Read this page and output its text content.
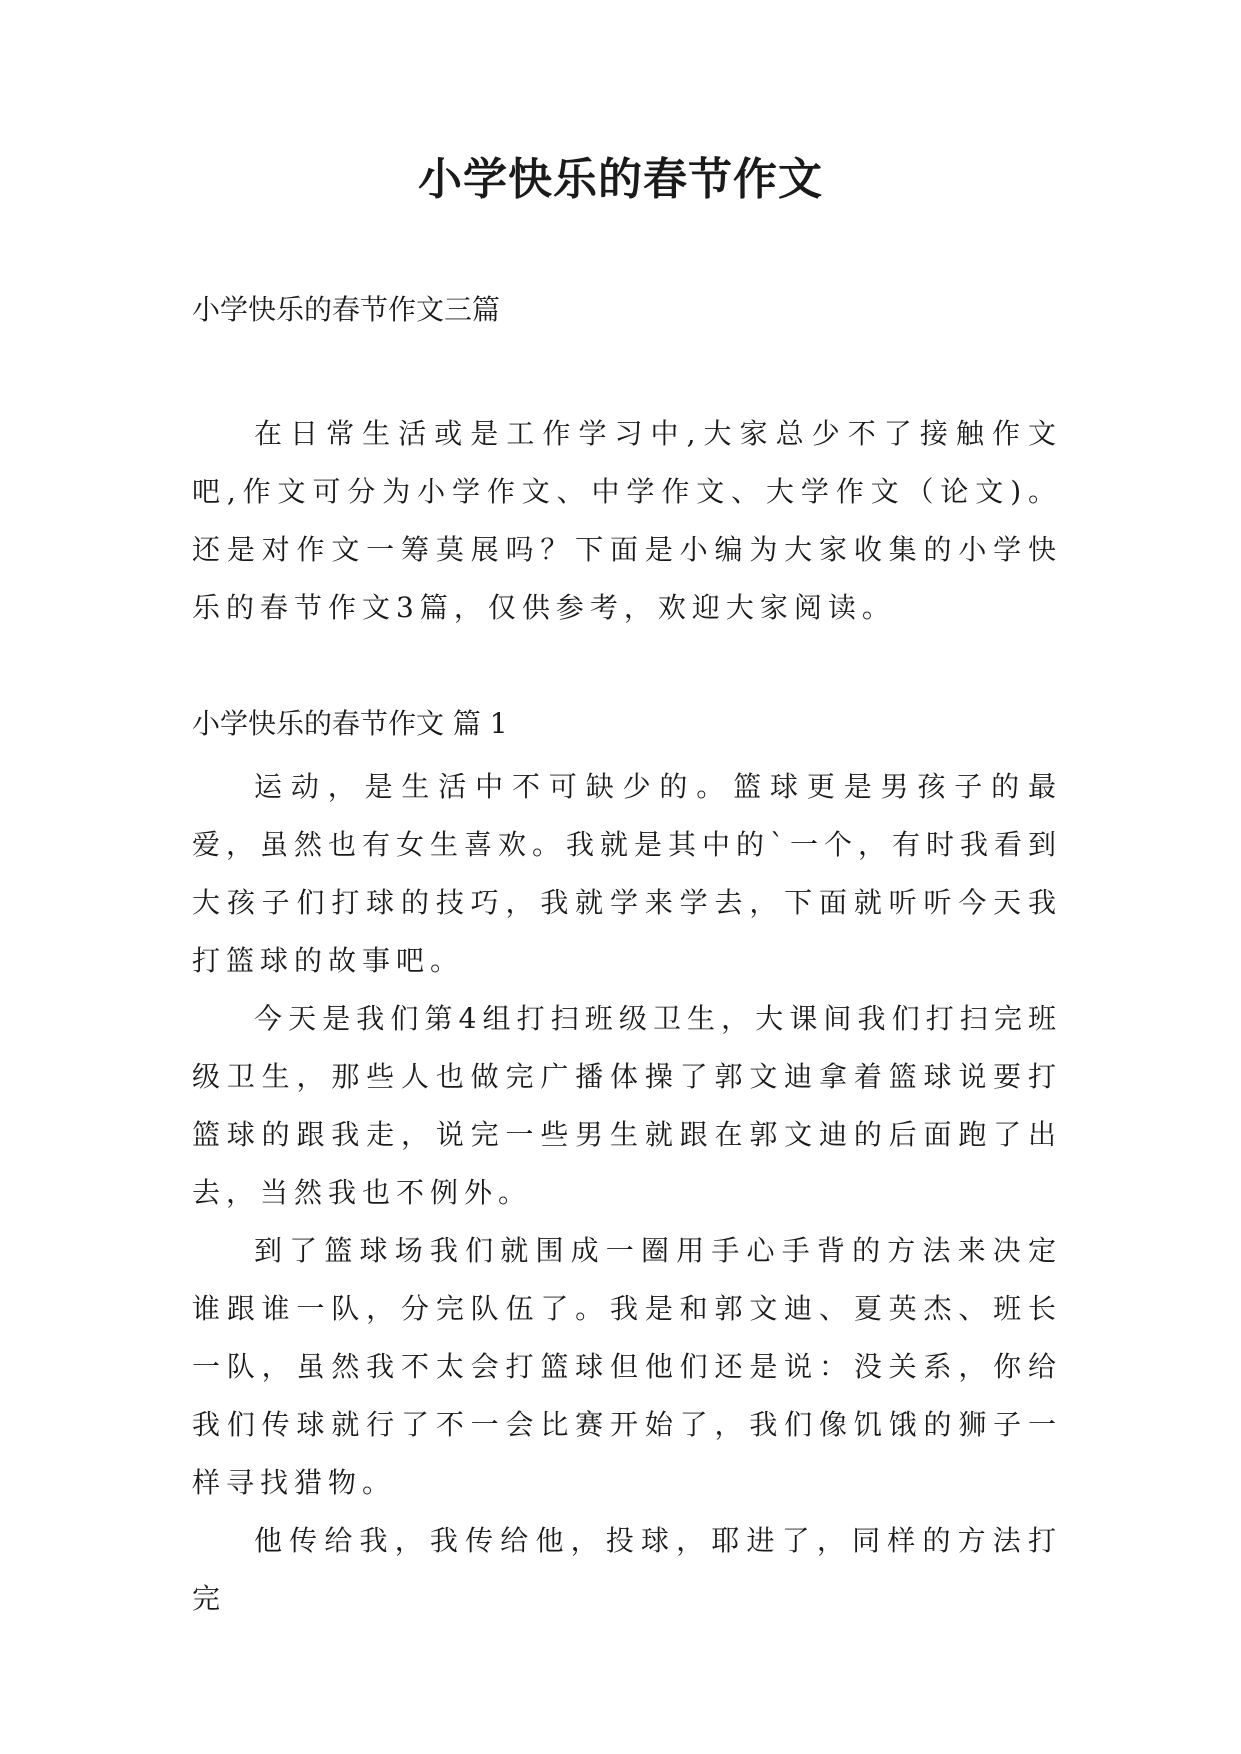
小学快乐的春节作文
小学快乐的春节作文三篇

在日常生活或是工作学习中,大家总少不了接触作文吧,作文可分为小学作文、中学作文、大学作文（论文)。还是对作文一筹莫展吗？下面是小编为大家收集的小学快乐的春节作文3篇，仅供参考，欢迎大家阅读。

小学快乐的春节作文 篇 1

运动，是生活中不可缺少的。篮球更是男孩子的最爱，虽然也有女生喜欢。我就是其中的`一个，有时我看到大孩子们打球的技巧，我就学来学去，下面就听听今天我打篮球的故事吧。

今天是我们第4组打扫班级卫生，大课间我们打扫完班级卫生，那些人也做完广播体操了郭文迪拿着篮球说要打篮球的跟我走，说完一些男生就跟在郭文迪的后面跑了出去，当然我也不例外。

到了篮球场我们就围成一圈用手心手背的方法来决定谁跟谁一队，分完队伍了。我是和郭文迪、夏英杰、班长一队，虽然我不太会打篮球但他们还是说：没关系，你给我们传球就行了不一会比赛开始了，我们像饥饿的狮子一样寻找猎物。

他传给我，我传给他，投球，耶进了，同样的方法打完
